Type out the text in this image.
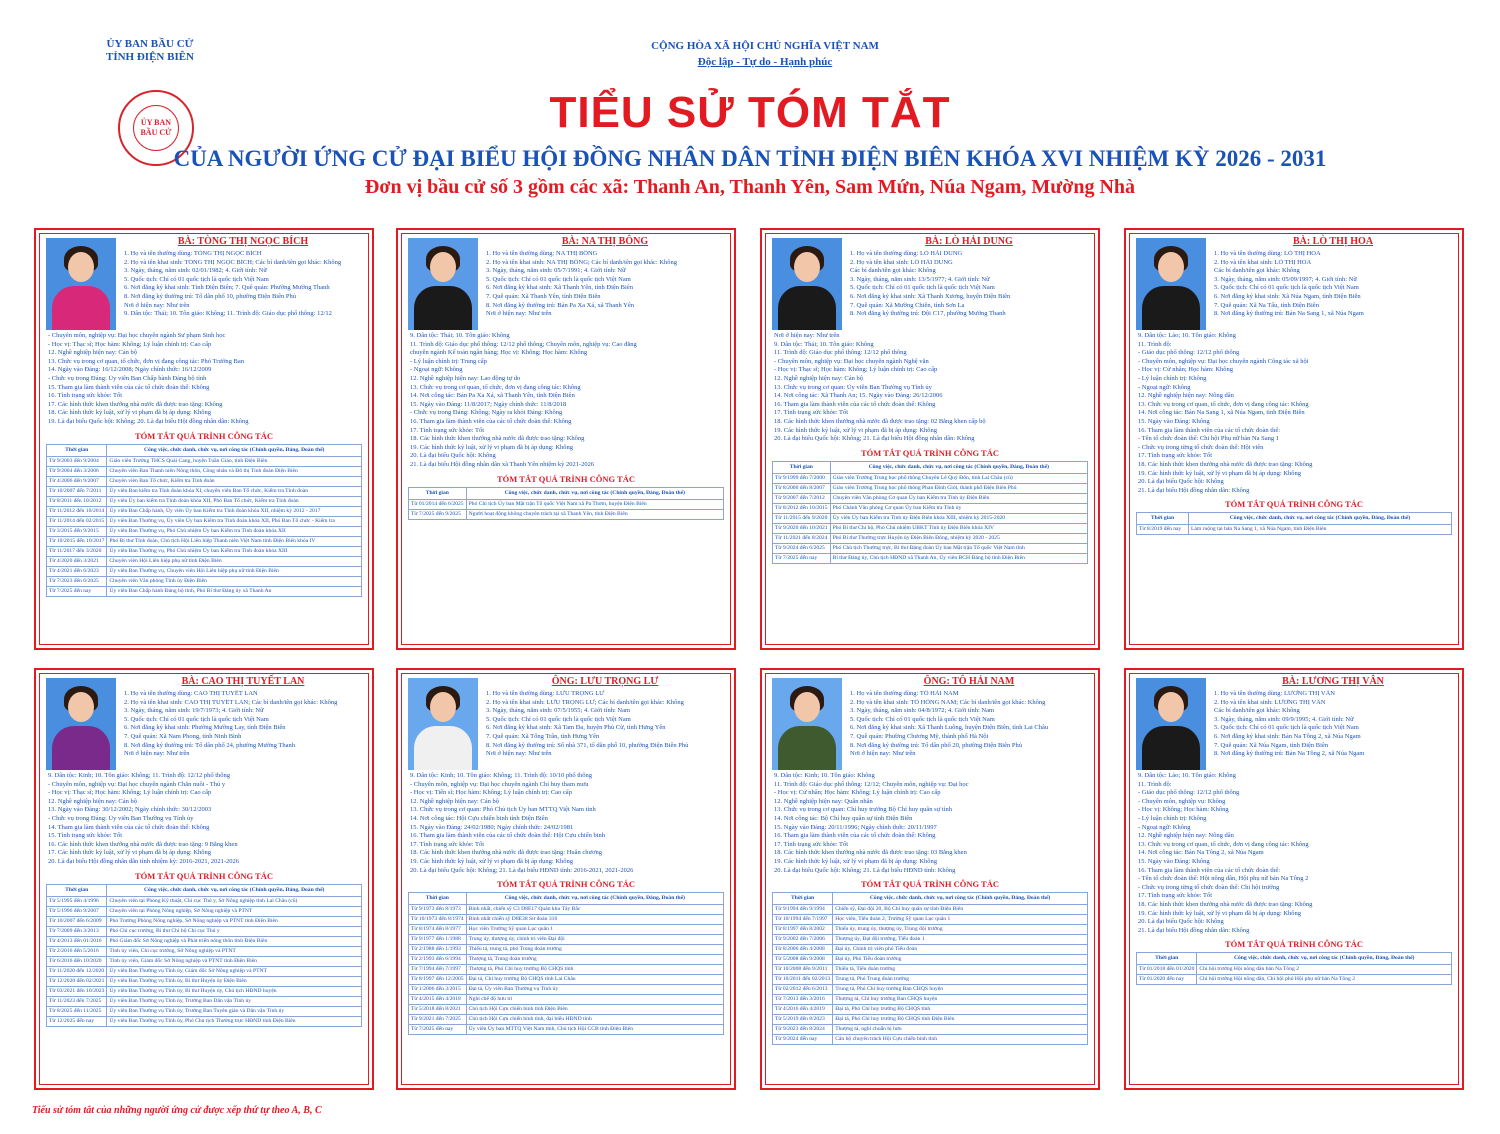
ỦY BAN BẦU CỬ
TỈNH ĐIỆN BIÊN
ỦY BAN
BẦU CỬ
CỘNG HÒA XÃ HỘI CHỦ NGHĨA VIỆT NAM
Độc lập - Tự do - Hạnh phúc
TIỂU SỬ TÓM TẮT
CỦA NGƯỜI ỨNG CỬ ĐẠI BIỂU HỘI ĐỒNG NHÂN DÂN TỈNH ĐIỆN BIÊN KHÓA XVI NHIỆM KỲ 2026 - 2031
Đơn vị bầu cử số 3 gồm các xã: Thanh An, Thanh Yên, Sam Mứn, Núa Ngam, Mường Nhà
BÀ: TÒNG THỊ NGỌC BÍCH
1. Họ và tên thường dùng: TÒNG THỊ NGỌC BÍCH
2. Họ và tên khai sinh: TÒNG THỊ NGỌC BÍCH; Các bí danh/tên gọi khác: Không
3. Ngày, tháng, năm sinh: 02/01/1982; 4. Giới tính: Nữ
5. Quốc tịch: Chỉ có 01 quốc tịch là quốc tịch Việt Nam
6. Nơi đăng ký khai sinh: Tỉnh Điện Biên; 7. Quê quán: Phường Mường Thanh
8. Nơi đăng ký thường trú: Tổ dân phố 10, phường Điện Biên Phủ
Nơi ở hiện nay: Như trên
9. Dân tộc: Thái; 10. Tôn giáo: Không; 11. Trình độ: Giáo dục phổ thông: 12/12
- Chuyên môn, nghiệp vụ: Đại học chuyên ngành Sư phạm Sinh học
- Học vị: Thạc sĩ; Học hàm: Không; Lý luận chính trị: Cao cấp
12. Nghề nghiệp hiện nay: Cán bộ
13. Chức vụ trong cơ quan, tổ chức, đơn vị đang công tác: Phó Trưởng Ban
14. Ngày vào Đảng: 16/12/2008; Ngày chính thức: 16/12/2009
- Chức vụ trong Đảng: Ủy viên Ban Chấp hành Đảng bộ tỉnh
15. Tham gia làm thành viên của các tổ chức đoàn thể: Không
16. Tình trạng sức khỏe: Tốt
17. Các hình thức khen thưởng nhà nước đã được trao tặng: Không
18. Các hình thức kỷ luật, xử lý vi phạm đã bị áp dụng: Không
19. Là đại biểu Quốc hội: Không; 20. Là đại biểu Hội đồng nhân dân: Không
TÓM TẮT QUÁ TRÌNH CÔNG TÁC
Thời gian	Công việc, chức danh, chức vụ, nơi công tác (Chính quyền, Đảng, Đoàn thể)
Từ 9/2003 đến 9/2004	Giáo viên Trường THCS Quài Cang, huyện Tuần Giáo, tỉnh Điện Biên
Từ 9/2004 đến 3/2006	Chuyên viên Ban Thanh niên Nông thôn, Công nhân và Đô thị Tỉnh đoàn Điện Biên
Từ 4/2006 đến 9/2007	Chuyên viên Ban Tổ chức, Kiểm tra Tỉnh đoàn
Từ 10/2007 đến 7/2011	Ủy viên Ban kiểm tra Tỉnh đoàn khóa XI, chuyên viên Ban Tổ chức, Kiểm tra Tỉnh đoàn
Từ 8/2011 đến 10/2012	Ủy viên Ủy ban kiểm tra Tỉnh đoàn khóa XII, Phó Ban Tổ chức, Kiểm tra Tỉnh đoàn
Từ 11/2012 đến 10/2014	Ủy viên Ban Chấp hành, Ủy viên Ủy ban Kiểm tra Tỉnh đoàn khóa XII, nhiệm kỳ 2012 - 2017
Từ 11/2014 đến 02/2015	Ủy viên Ban Thường vụ, Ủy viên Ủy ban Kiểm tra Tỉnh đoàn khóa XII, Phó Ban Tổ chức - Kiểm tra
Từ 3/2015 đến 9/2015	Ủy viên Ban Thường vụ, Phó Chủ nhiệm Ủy ban Kiểm tra Tỉnh đoàn khóa XII
Từ 10/2015 đến 10/2017	Phó Bí thư Tỉnh đoàn, Chủ tịch Hội Liên hiệp Thanh niên Việt Nam tỉnh Điện Biên khóa IV
Từ 11/2017 đến 3/2020	Ủy viên Ban Thường vụ, Phó Chủ nhiệm Ủy ban Kiểm tra Tỉnh đoàn khóa XIII
Từ 4/2020 đến 3/2021	Chuyên viên Hội Liên hiệp phụ nữ tỉnh Điện Biên
Từ 4/2021 đến 6/2023	Ủy viên Ban Thường vụ, Chuyên viên Hội Liên hiệp phụ nữ tỉnh Điện Biên
Từ 7/2023 đến 6/2025	Chuyên viên Văn phòng Tỉnh ủy Điện Biên
Từ 7/2025 đến nay	Ủy viên Ban Chấp hành Đảng bộ tỉnh, Phó Bí thư Đảng ủy xã Thanh An
BÀ: NA THỊ BÔNG
1. Họ và tên thường dùng: NA THỊ BÔNG
2. Họ và tên khai sinh: NA THỊ BÔNG; Các bí danh/tên gọi khác: Không
3. Ngày, tháng, năm sinh: 05/7/1991; 4. Giới tính: Nữ
5. Quốc tịch: Chỉ có 01 quốc tịch là quốc tịch Việt Nam
6. Nơi đăng ký khai sinh: Xã Thanh Yên, tỉnh Điện Biên
7. Quê quán: Xã Thanh Yên, tỉnh Điện Biên
8. Nơi đăng ký thường trú: Bản Pa Xa Xá, xã Thanh Yên
Nơi ở hiện nay: Như trên
9. Dân tộc: Thái; 10. Tôn giáo: Không
11. Trình độ: Giáo dục phổ thông: 12/12 phổ thông; Chuyên môn, nghiệp vụ: Cao đẳng
chuyên ngành Kế toán ngân hàng; Học vị: Không; Học hàm: Không
- Lý luận chính trị: Trung cấp
- Ngoại ngữ: Không
12. Nghề nghiệp hiện nay: Lao động tự do
13. Chức vụ trong cơ quan, tổ chức, đơn vị đang công tác: Không
14. Nơi công tác: Bản Pa Xa Xá, xã Thanh Yên, tỉnh Điện Biên
15. Ngày vào Đảng: 11/8/2017; Ngày chính thức: 11/8/2018
- Chức vụ trong Đảng: Không; Ngày ra khỏi Đảng: Không
16. Tham gia làm thành viên của các tổ chức đoàn thể: Không
17. Tình trạng sức khỏe: Tốt
18. Các hình thức khen thưởng nhà nước đã được trao tặng: Không
19. Các hình thức kỷ luật, xử lý vi phạm đã bị áp dụng: Không
20. Là đại biểu Quốc hội: Không
21. Là đại biểu Hội đồng nhân dân xã Thanh Yên nhiệm kỳ 2021-2026
TÓM TẮT QUÁ TRÌNH CÔNG TÁC
Thời gian	Công việc, chức danh, chức vụ, nơi công tác (Chính quyền, Đảng, Đoàn thể)
Từ 01/2014 đến 6/2025	Phó Chi tịch Ủy ban Mặt trận Tổ quốc Việt Nam xã Pa Thơm, huyện Điện Biên
Từ 7/2025 đến 9/2025	Người hoạt động không chuyên trách tại xã Thanh Yên, tỉnh Điện Biên
BÀ: LÒ HẢI DUNG
1. Họ và tên thường dùng: LÒ HẢI DUNG
2. Họ và tên khai sinh: LÒ HẢI DUNG
Các bí danh/tên gọi khác: Không
3. Ngày, tháng, năm sinh: 13/5/1977; 4. Giới tính: Nữ
5. Quốc tịch: Chỉ có 01 quốc tịch là quốc tịch Việt Nam
6. Nơi đăng ký khai sinh: Xã Thanh Xương, huyện Điện Biên
7. Quê quán: Xã Mường Chiên, tỉnh Sơn La
8. Nơi đăng ký thường trú: Đội C17, phường Mường Thanh
Nơi ở hiện nay: Như trên
9. Dân tộc: Thái; 10. Tôn giáo: Không
11. Trình độ: Giáo dục phổ thông: 12/12 phổ thông
- Chuyên môn, nghiệp vụ: Đại học chuyên ngành Nghệ văn
- Học vị: Thạc sĩ; Học hàm: Không; Lý luận chính trị: Cao cấp
12. Nghề nghiệp hiện nay: Cán bộ
13. Chức vụ trong cơ quan: Ủy viên Ban Thường vụ Tỉnh ủy
14. Nơi công tác: Xã Thanh An; 15. Ngày vào Đảng: 26/12/2006
16. Tham gia làm thành viên của các tổ chức đoàn thể: Không
17. Tình trạng sức khỏe: Tốt
18. Các hình thức khen thưởng nhà nước đã được trao tặng: 02 Bằng khen cấp bộ
19. Các hình thức kỷ luật, xử lý vi phạm đã bị áp dụng: Không
20. Là đại biểu Quốc hội: Không; 21. Là đại biểu Hội đồng nhân dân: Không
TÓM TẮT QUÁ TRÌNH CÔNG TÁC
Thời gian	Công việc, chức danh, chức vụ, nơi công tác (Chính quyền, Đảng, Đoàn thể)
Từ 9/1999 đến 7/2000	Giáo viên Trường Trung học phổ thông Chuyên Lê Quý Đôn, tỉnh Lai Châu (cũ)
Từ 8/2000 đến 8/2007	Giáo viên Trường Trung học phổ thông Phan Đình Giót, thành phố Điện Biên Phủ
Từ 9/2007 đến 7/2012	Chuyên viên Văn phòng Cơ quan Ủy ban Kiểm tra Tỉnh ủy Điện Biên
Từ 8/2012 đến 10/2015	Phó Chánh Văn phòng Cơ quan Ủy ban Kiểm tra Tỉnh ủy
Từ 11/2015 đến 9/2020	Ủy viên Ủy ban Kiểm tra Tỉnh ủy Điện Biên khóa XIII, nhiệm kỳ 2015-2020
Từ 9/2020 đến 10/2021	Phó Bí thư Chi bộ, Phó Chủ nhiệm UBKT Tỉnh ủy Điện Biên khóa XIV
Từ 11/2021 đến 8/2024	Phó Bí thư Thường trực Huyện ủy Điện Biên Đông, nhiệm kỳ 2020 - 2025
Từ 9/2024 đến 6/2025	Phó Chủ tịch Thường trực, Bí thư Đảng đoàn Ủy ban Mặt trận Tổ quốc Việt Nam tỉnh
Từ 7/2025 đến nay	Bí thư Đảng ủy, Chủ tịch HĐND xã Thanh An, Ủy viên BCH Đảng bộ tỉnh Điện Biên
BÀ: LÒ THỊ HOA
1. Họ và tên thường dùng: LÒ THỊ HOA
2. Họ và tên khai sinh: LÒ THỊ HOA
Các bí danh/tên gọi khác: Không
3. Ngày, tháng, năm sinh: 05/09/1997; 4. Giới tính: Nữ
5. Quốc tịch: Chỉ có 01 quốc tịch là quốc tịch Việt Nam
6. Nơi đăng ký khai sinh: Xã Núa Ngam, tỉnh Điện Biên
7. Quê quán: Xã Na Tấu, tỉnh Điện Biên
8. Nơi đăng ký thường trú: Bản Na Sang 1, xã Núa Ngam
9. Dân tộc: Lào; 10. Tôn giáo: Không
11. Trình độ:
- Giáo dục phổ thông: 12/12 phổ thông
- Chuyên môn, nghiệp vụ: Đại học chuyên ngành Công tác xã hội
- Học vị: Cử nhân; Học hàm: Không
- Lý luận chính trị: Không
- Ngoại ngữ: Không
12. Nghề nghiệp hiện nay: Nông dân
13. Chức vụ trong cơ quan, tổ chức, đơn vị đang công tác: Không
14. Nơi công tác: Bản Na Sang 1, xã Núa Ngam, tỉnh Điện Biên
15. Ngày vào Đảng: Không
16. Tham gia làm thành viên của các tổ chức đoàn thể:
- Tên tổ chức đoàn thể: Chi hội Phụ nữ bản Na Sang 1
- Chức vụ trong từng tổ chức đoàn thể: Hội viên
17. Tình trạng sức khỏe: Tốt
18. Các hình thức khen thưởng nhà nước đã được trao tặng: Không
19. Các hình thức kỷ luật, xử lý vi phạm đã bị áp dụng: Không
20. Là đại biểu Quốc hội: Không
21. Là đại biểu Hội đồng nhân dân: Không
TÓM TẮT QUÁ TRÌNH CÔNG TÁC
Thời gian	Công việc, chức danh, chức vụ, nơi công tác (Chính quyền, Đảng, Đoàn thể)
Từ 8/2019 đến nay	Làm ruộng tại bản Na Sang 1, xã Núa Ngam, tỉnh Điện Biên
BÀ: CAO THỊ TUYẾT LAN
1. Họ và tên thường dùng: CAO THỊ TUYẾT LAN
2. Họ và tên khai sinh: CAO THỊ TUYẾT LAN; Các bí danh/tên gọi khác: Không
3. Ngày, tháng, năm sinh: 19/7/1973; 4. Giới tính: Nữ
5. Quốc tịch: Chỉ có 01 quốc tịch là quốc tịch Việt Nam
6. Nơi đăng ký khai sinh: Phường Mường Lay, tỉnh Điện Biên
7. Quê quán: Xã Nam Phong, tỉnh Ninh Bình
8. Nơi đăng ký thường trú: Tổ dân phố 24, phường Mường Thanh
Nơi ở hiện nay: Như trên
9. Dân tộc: Kinh; 10. Tôn giáo: Không; 11. Trình độ: 12/12 phổ thông
- Chuyên môn, nghiệp vụ: Đại học chuyên ngành Chăn nuôi - Thú y
- Học vị: Thạc sĩ; Học hàm: Không; Lý luận chính trị: Cao cấp
12. Nghề nghiệp hiện nay: Cán bộ
13. Ngày vào Đảng: 30/12/2002; Ngày chính thức: 30/12/2003
- Chức vụ trong Đảng: Ủy viên Ban Thường vụ Tỉnh ủy
14. Tham gia làm thành viên của các tổ chức đoàn thể: Không
15. Tình trạng sức khỏe: Tốt
16. Các hình thức khen thưởng nhà nước đã được trao tặng: 9 Bằng khen
17. Các hình thức kỷ luật, xử lý vi phạm đã bị áp dụng: Không
20. Là đại biểu Hội đồng nhân dân tỉnh nhiệm kỳ: 2016-2021, 2021-2026
TÓM TẮT QUÁ TRÌNH CÔNG TÁC
Thời gian	Công việc, chức danh, chức vụ, nơi công tác (Chính quyền, Đảng, Đoàn thể)
Từ 5/1995 đến 4/1996	Chuyên viên tại Phòng Kỹ thuật, Chi cục Thú y, Sở Nông nghiệp tỉnh Lai Châu (cũ)
Từ 5/1996 đến 9/2007	Chuyên viên tại Phòng Nông nghiệp, Sở Nông nghiệp và PTNT
Từ 10/2007 đến 6/2009	Phó Trưởng Phòng Nông nghiệp, Sở Nông nghiệp và PTNT tỉnh Điện Biên
Từ 7/2009 đến 3/2013	Phó Chi cục trưởng, Bí thư Chi bộ Chi cục Thú y
Từ 4/2013 đến 01/2016	Phó Giám đốc Sở Nông nghiệp và Phát triển nông thôn tỉnh Điện Biên
Từ 2/2016 đến 5/2016	Tỉnh ủy viên, Chi cục trưởng, Sở Nông nghiệp và PTNT
Từ 6/2016 đến 10/2020	Tỉnh ủy viên, Giám đốc Sở Nông nghiệp và PTNT tỉnh Điện Biên
Từ 11/2020 đến 12/2020	Ủy viên Ban Thường vụ Tỉnh ủy, Giám đốc Sở Nông nghiệp và PTNT
Từ 12/2020 đến 02/2021	Ủy viên Ban Thường vụ Tỉnh ủy, Bí thư Huyện ủy Điện Biên
Từ 03/2021 đến 10/2023	Ủy viên Ban Thường vụ Tỉnh ủy, Bí thư Huyện ủy, Chủ tịch HĐND huyện
Từ 11/2023 đến 7/2025	Ủy viên Ban Thường vụ Tỉnh ủy, Trưởng Ban Dân vận Tỉnh ủy
Từ 8/2025 đến 11/2025	Ủy viên Ban Thường vụ Tỉnh ủy, Trưởng Ban Tuyên giáo và Dân vận Tỉnh ủy
Từ 12/2025 đến nay	Ủy viên Ban Thường vụ Tỉnh ủy, Phó Chủ tịch Thường trực HĐND tỉnh Điện Biên
ÔNG: LƯU TRỌNG LƯ
1. Họ và tên thường dùng: LƯU TRỌNG LƯ
2. Họ và tên khai sinh: LƯU TRỌNG LƯ; Các bí danh/tên gọi khác: Không
3. Ngày, tháng, năm sinh: 07/5/1955; 4. Giới tính: Nam
5. Quốc tịch: Chỉ có 01 quốc tịch là quốc tịch Việt Nam
6. Nơi đăng ký khai sinh: Xã Tam Đa, huyện Phù Cừ, tỉnh Hưng Yên
7. Quê quán: Xã Tống Trân, tỉnh Hưng Yên
8. Nơi đăng ký thường trú: Số nhà 371, tổ dân phố 10, phường Điện Biên Phủ
Nơi ở hiện nay: Như trên
9. Dân tộc: Kinh; 10. Tôn giáo: Không; 11. Trình độ: 10/10 phổ thông
- Chuyên môn, nghiệp vụ: Đại học chuyên ngành Chỉ huy tham mưu
- Học vị: Tiến sĩ; Học hàm: Không; Lý luận chính trị: Cao cấp
12. Nghề nghiệp hiện nay: Cán bộ
13. Chức vụ trong cơ quan: Phó Chủ tịch Ủy ban MTTQ Việt Nam tỉnh
14. Nơi công tác: Hội Cựu chiến binh tỉnh Điện Biên
15. Ngày vào Đảng: 24/02/1980; Ngày chính thức: 24/02/1981
16. Tham gia làm thành viên của các tổ chức đoàn thể: Hội Cựu chiến binh
17. Tình trạng sức khỏe: Tốt
18. Các hình thức khen thưởng nhà nước đã được trao tặng: Huân chương
19. Các hình thức kỷ luật, xử lý vi phạm đã bị áp dụng: Không
20. Là đại biểu Quốc hội: Không; 21. Là đại biểu HĐND tỉnh: 2016-2021, 2021-2026
TÓM TẮT QUÁ TRÌNH CÔNG TÁC
Thời gian	Công việc, chức danh, chức vụ, nơi công tác (Chính quyền, Đảng, Đoàn thể)
Từ 9/1973 đến 8/1973	Binh nhất, chiến sỹ C3 D8E17 Quân khu Tây Bắc
Từ 10/1973 đến 8/1974	Binh nhất chiến sỹ D8E38 Sư đoàn 316
Từ 8/1974 đến 8/1977	Học viên Trường Sỹ quan Lục quân 1
Từ 9/1977 đến 1/1988	Trung úy, thượng úy, chính trị viên Đại đội
Từ 2/1988 đến 1/1993	Thiếu tá, trung tá, phó Trung đoàn trưởng
Từ 2/1993 đến 6/1994	Thượng tá, Trung đoàn trưởng
Từ 7/1994 đến 7/1997	Thượng tá, Phó Chỉ huy trưởng Bộ CHQS tỉnh
Từ 8/1997 đến 12/2005	Đại tá, Chỉ huy trưởng Bộ CHQS tỉnh Lai Châu
Từ 1/2006 đến 3/2015	Đại tá, Ủy viên Ban Thường vụ Tỉnh ủy
Từ 4/2015 đến 4/2018	Nghỉ chế độ hưu trí
Từ 5/2018 đến 8/2021	Chủ tịch Hội Cựu chiến binh tỉnh Điện Biên
Từ 9/2021 đến 7/2025	Chủ tịch Hội Cựu chiến binh tỉnh, đại biểu HĐND tỉnh
Từ 7/2025 đến nay	Ủy viên Ủy ban MTTQ Việt Nam tỉnh, Chủ tịch Hội CCB tỉnh Điện Biên
ÔNG: TÔ HẢI NAM
1. Họ và tên thường dùng: TÔ HẢI NAM
2. Họ và tên khai sinh: TÔ HỒNG NAM; Các bí danh/tên gọi khác: Không
3. Ngày, tháng, năm sinh: 04/8/1972; 4. Giới tính: Nam
5. Quốc tịch: Chỉ có 01 quốc tịch là quốc tịch Việt Nam
6. Nơi đăng ký khai sinh: Xã Thanh Luông, huyện Điện Biên, tỉnh Lai Châu
7. Quê quán: Phường Chương Mỹ, thành phố Hà Nội
8. Nơi đăng ký thường trú: Tổ dân phố 20, phường Điện Biên Phủ
Nơi ở hiện nay: Như trên
9. Dân tộc: Kinh; 10. Tôn giáo: Không
11. Trình độ: Giáo dục phổ thông: 12/12; Chuyên môn, nghiệp vụ: Đại học
- Học vị: Cử nhân; Học hàm: Không; Lý luận chính trị: Cao cấp
12. Nghề nghiệp hiện nay: Quân nhân
13. Chức vụ trong cơ quan: Chỉ huy trưởng Bộ Chỉ huy quân sự tỉnh
14. Nơi công tác: Bộ Chỉ huy quân sự tỉnh Điện Biên
15. Ngày vào Đảng: 20/11/1996; Ngày chính thức: 20/11/1997
16. Tham gia làm thành viên của các tổ chức đoàn thể: Không
17. Tình trạng sức khỏe: Tốt
18. Các hình thức khen thưởng nhà nước đã được trao tặng: 03 Bằng khen
19. Các hình thức kỷ luật, xử lý vi phạm đã bị áp dụng: Không
20. Là đại biểu Quốc hội: Không; 21. Là đại biểu HĐND tỉnh: Không
TÓM TẮT QUÁ TRÌNH CÔNG TÁC
Thời gian	Công việc, chức danh, chức vụ, nơi công tác (Chính quyền, Đảng, Đoàn thể)
Từ 9/1994 đến 9/1994	Chiến sỹ, Đại đội 20, Bộ Chỉ huy quân sự tỉnh Điện Biên
Từ 10/1994 đến 7/1997	Học viên, Tiểu đoàn 2, Trường Sỹ quan Lục quân 1
Từ 8/1997 đến 8/2002	Thiếu úy, trung úy, thượng úy, Trung đội trưởng
Từ 9/2002 đến 7/2006	Thượng úy, Đại đội trưởng, Tiểu đoàn 1
Từ 8/2006 đến 4/2008	Đại úy, Chính trị viên phó Tiểu đoàn
Từ 5/2008 đến 9/2008	Đại úy, Phó Tiểu đoàn trưởng
Từ 10/2008 đến 9/2011	Thiếu tá, Tiểu đoàn trưởng
Từ 10/2011 đến 02/2013	Trung tá, Phó Trung đoàn trưởng
Từ 02/2012 đến 6/2013	Trung tá, Phó Chỉ huy trưởng Ban CHQS huyện
Từ 7/2013 đến 3/2016	Thượng tá, Chỉ huy trưởng Ban CHQS huyện
Từ 4/2016 đến 4/2019	Đại tá, Phó Chỉ huy trưởng Bộ CHQS tỉnh
Từ 5/2019 đến 8/2023	Đại tá, Phó Chỉ huy trưởng Bộ CHQS tỉnh Điện Biên
Từ 9/2023 đến 8/2024	Thượng tá, nghỉ chuẩn bị hưu
Từ 9/2024 đến nay	Cán bộ chuyên trách Hội Cựu chiến binh tỉnh
BÀ: LƯƠNG THỊ VÂN
1. Họ và tên thường dùng: LƯƠNG THỊ VÂN
2. Họ và tên khai sinh: LƯƠNG THỊ VÂN
Các bí danh/tên gọi khác: Không
3. Ngày, tháng, năm sinh: 09/9/1995; 4. Giới tính: Nữ
5. Quốc tịch: Chỉ có 01 quốc tịch là quốc tịch Việt Nam
6. Nơi đăng ký khai sinh: Bản Na Tông 2, xã Núa Ngam
7. Quê quán: Xã Núa Ngam, tỉnh Điện Biên
8. Nơi đăng ký thường trú: Bản Na Tông 2, xã Núa Ngam
9. Dân tộc: Lào; 10. Tôn giáo: Không
11. Trình độ:
- Giáo dục phổ thông: 12/12 phổ thông
- Chuyên môn, nghiệp vụ: Không
- Học vị: Không; Học hàm: Không
- Lý luận chính trị: Không
- Ngoại ngữ: Không
12. Nghề nghiệp hiện nay: Nông dân
13. Chức vụ trong cơ quan, tổ chức, đơn vị đang công tác: Không
14. Nơi công tác: Bản Na Tông 2, xã Núa Ngam
15. Ngày vào Đảng: Không
16. Tham gia làm thành viên của các tổ chức đoàn thể:
- Tên tổ chức đoàn thể: Hội nông dân, Hội phụ nữ bản Na Tông 2
- Chức vụ trong từng tổ chức đoàn thể: Chi hội trưởng
17. Tình trạng sức khỏe: Tốt
18. Các hình thức khen thưởng nhà nước đã được trao tặng: Không
19. Các hình thức kỷ luật, xử lý vi phạm đã bị áp dụng: Không
20. Là đại biểu Quốc hội: Không
21. Là đại biểu Hội đồng nhân dân: Không
TÓM TẮT QUÁ TRÌNH CÔNG TÁC
Thời gian	Công việc, chức danh, chức vụ, nơi công tác (Chính quyền, Đảng, Đoàn thể)
Từ 01/2018 đến 01/2020	Chi hội trưởng Hội nông dân bản Na Tông 2
Từ 01/2020 đến nay	Chi hội trưởng Hội nông dân, Chi hội phó Hội phụ nữ bản Na Tông 2
Tiểu sử tóm tắt của những người ứng cử được xếp thứ tự theo A, B, C
